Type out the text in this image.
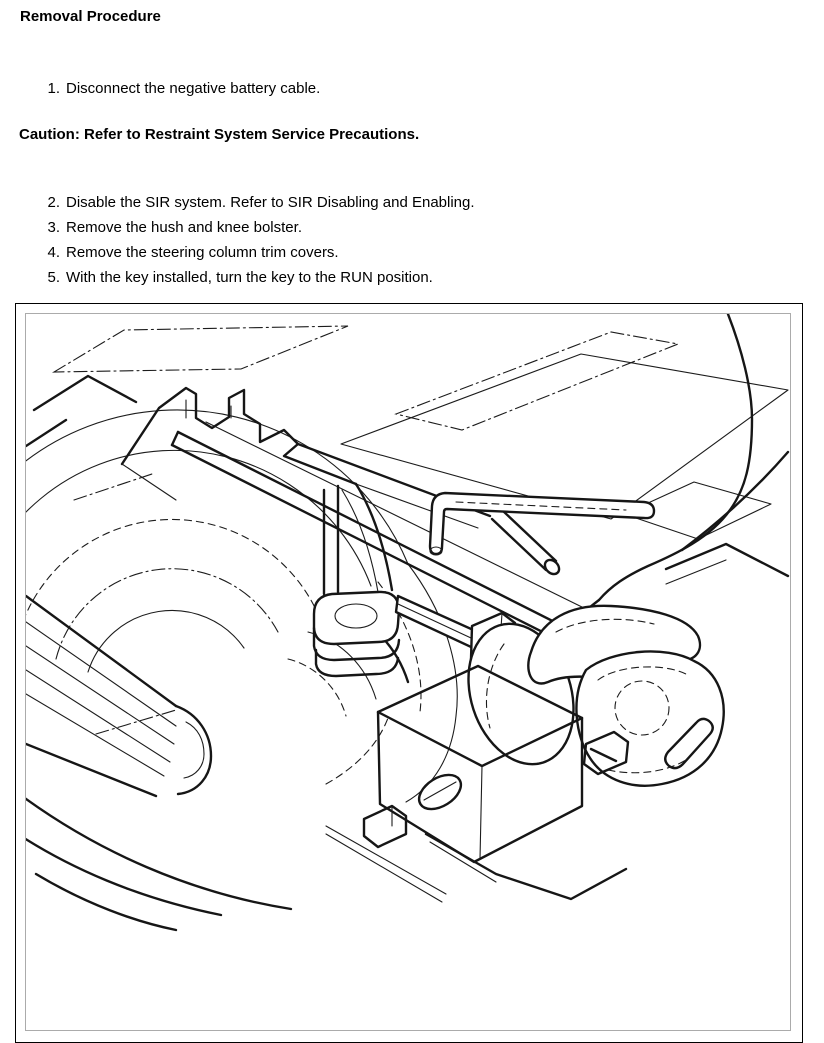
Removal Procedure
1. Disconnect the negative battery cable.

Caution: Refer to Restraint System Service Precautions.

2. Disable the SIR system. Refer to SIR Disabling and Enabling.
3. Remove the hush and knee bolster.
4. Remove the steering column trim covers.
5. With the key installed, turn the key to the RUN position.
